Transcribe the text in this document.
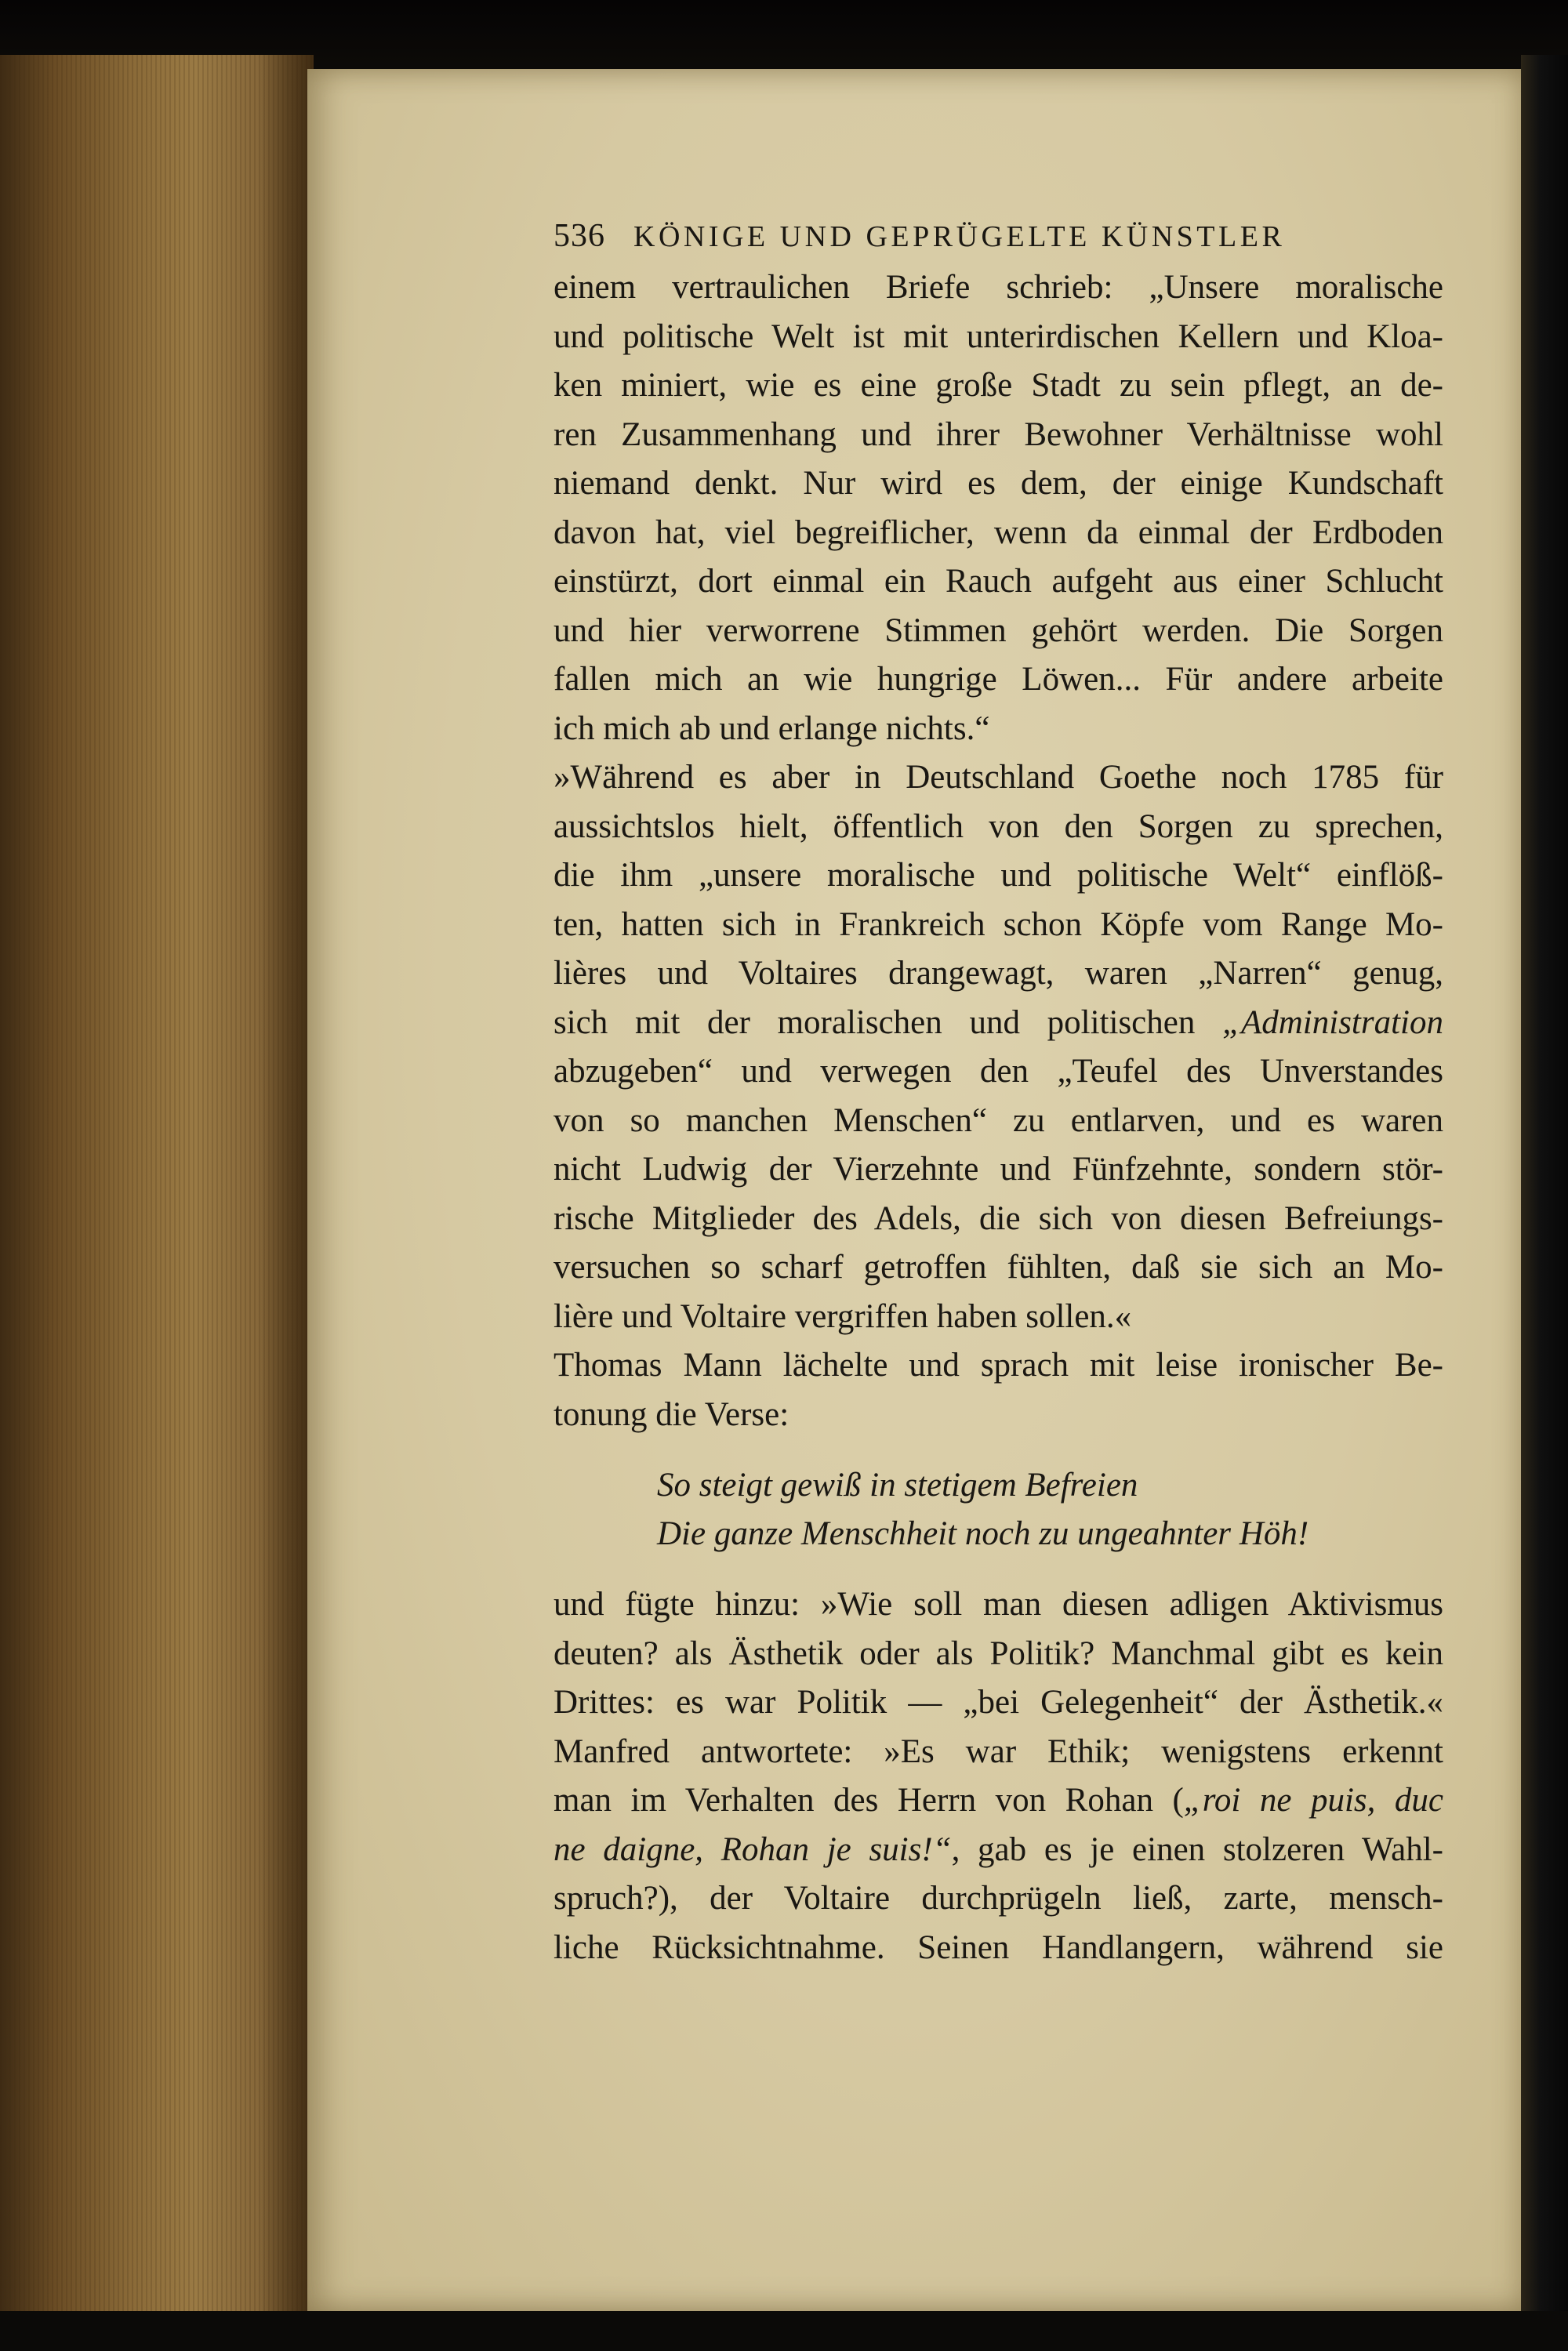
536 KÖNIGE UND GEPRÜGELTE KÜNSTLER
einem vertraulichen Briefe schrieb: „Unsere moralische
und politische Welt ist mit unterirdischen Kellern und Kloa-
ken miniert, wie es eine große Stadt zu sein pflegt, an de-
ren Zusammenhang und ihrer Bewohner Verhältnisse wohl
niemand denkt. Nur wird es dem, der einige Kundschaft
davon hat, viel begreiflicher, wenn da einmal der Erdboden
einstürzt, dort einmal ein Rauch aufgeht aus einer Schlucht
und hier verworrene Stimmen gehört werden. Die Sorgen
fallen mich an wie hungrige Löwen... Für andere arbeite
ich mich ab und erlange nichts.“
»Während es aber in Deutschland Goethe noch 1785 für
aussichtslos hielt, öffentlich von den Sorgen zu sprechen,
die ihm „unsere moralische und politische Welt“ einflöß-
ten, hatten sich in Frankreich schon Köpfe vom Range Mo-
lières und Voltaires drangewagt, waren „Narren“ genug,
sich mit der moralischen und politischen „Administration
abzugeben“ und verwegen den „Teufel des Unverstandes
von so manchen Menschen“ zu entlarven, und es waren
nicht Ludwig der Vierzehnte und Fünfzehnte, sondern stör-
rische Mitglieder des Adels, die sich von diesen Befreiungs-
versuchen so scharf getroffen fühlten, daß sie sich an Mo-
lière und Voltaire vergriffen haben sollen.«
Thomas Mann lächelte und sprach mit leise ironischer Be-
tonung die Verse:
So steigt gewiß in stetigem Befreien
Die ganze Menschheit noch zu ungeahnter Höh!
und fügte hinzu: »Wie soll man diesen adligen Aktivismus
deuten? als Ästhetik oder als Politik? Manchmal gibt es kein
Drittes: es war Politik — „bei Gelegenheit“ der Ästhetik.«
Manfred antwortete: »Es war Ethik; wenigstens erkennt
man im Verhalten des Herrn von Rohan („roi ne puis, duc
ne daigne, Rohan je suis!“, gab es je einen stolzeren Wahl-
spruch?), der Voltaire durchprügeln ließ, zarte, mensch-
liche Rücksichtnahme. Seinen Handlangern, während sie
